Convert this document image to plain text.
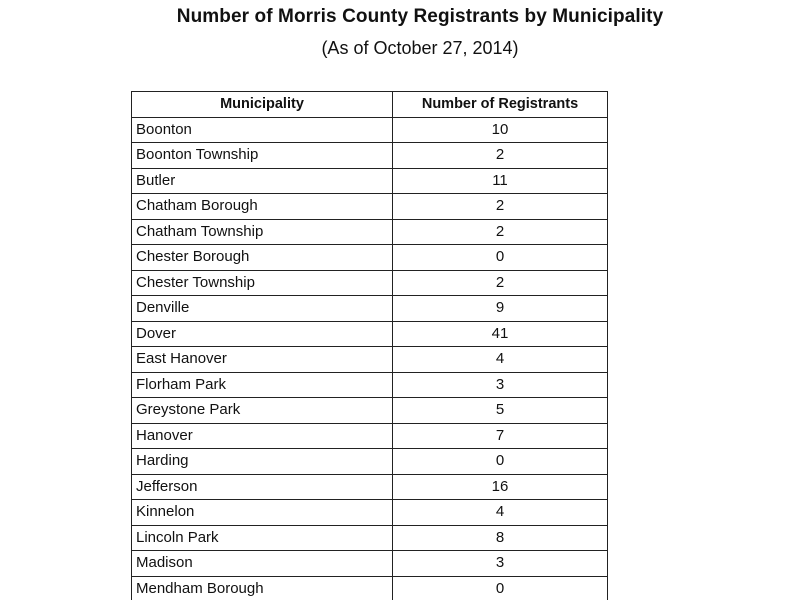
Number of Morris County Registrants by Municipality
(As of October 27, 2014)
Municipality	Number of Registrants
Boonton	10
Boonton Township	2
Butler	11
Chatham Borough	2
Chatham Township	2
Chester Borough	0
Chester Township	2
Denville	9
Dover	41
East Hanover	4
Florham Park	3
Greystone Park	5
Hanover	7
Harding	0
Jefferson	16
Kinnelon	4
Lincoln Park	8
Madison	3
Mendham Borough	0
